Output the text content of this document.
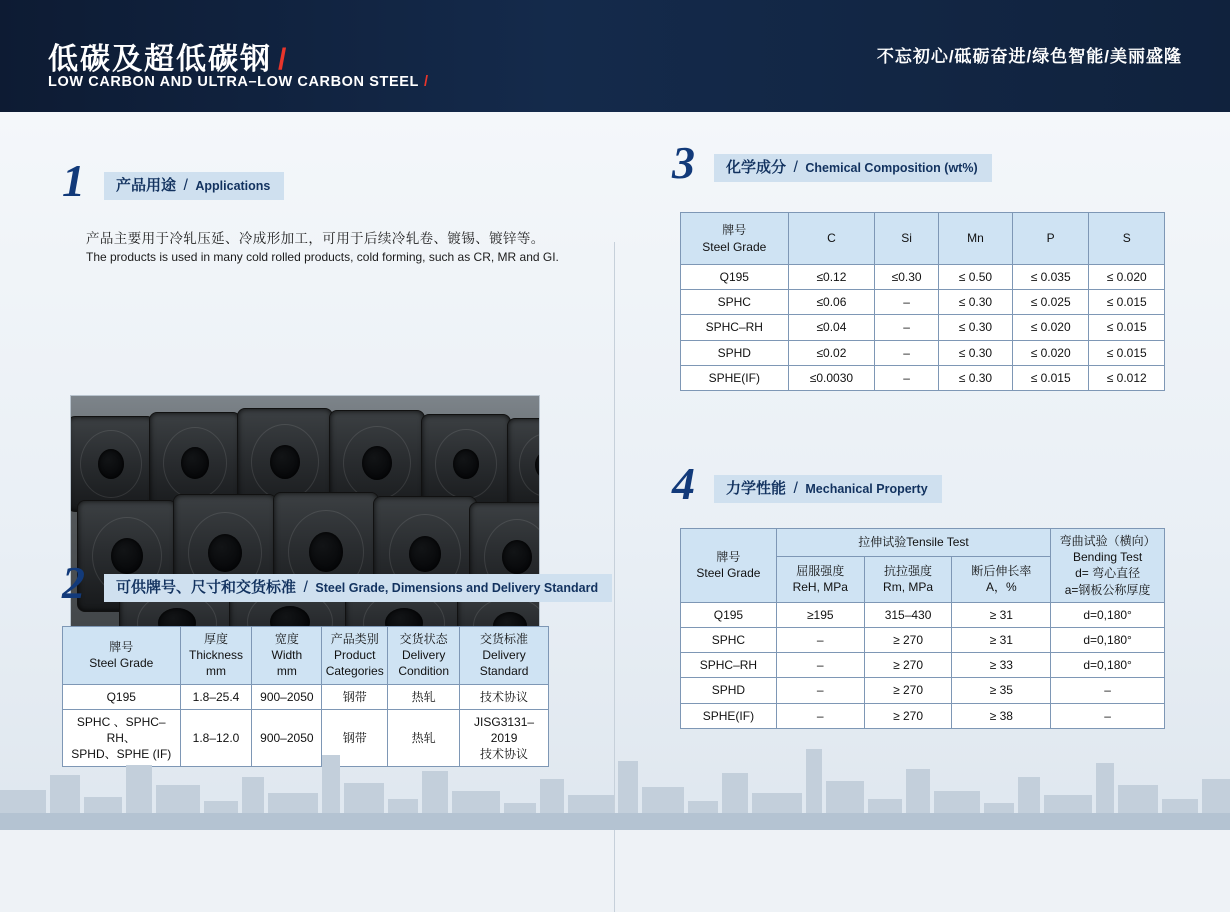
低碳及超低碳钢 /
LOW CARBON AND ULTRA–LOW CARBON STEEL /
不忘初心/砥砺奋进/绿色智能/美丽盛隆
1	产品用途 / Applications
产品主要用于冷轧压延、冷成形加工，可用于后续冷轧卷、镀锡、镀锌等。
The products is used in many cold rolled products, cold forming, such as CR, MR and GI.
2	可供牌号、尺寸和交货标准 / Steel Grade, Dimensions and Delivery Standard
牌号
Steel Grade	厚度
Thickness
mm	宽度
Width
mm	产品类别
Product
Categories	交货状态
Delivery
Condition	交货标准
Delivery
Standard

Q195	1.8–25.4	900–2050	钢带	热轧	技术协议

SPHC 、SPHC–RH、
SPHD、SPHE (IF)	1.8–12.0	900–2050	钢带	热轧	JISG3131–2019
技术协议
3	化学成分 / Chemical Composition (wt%)
牌号
Steel Grade	C	Si	Mn	P	S
Q195	≤0.12	≤0.30	≤ 0.50	≤ 0.035	≤ 0.020
SPHC	≤0.06	–	≤ 0.30	≤ 0.025	≤ 0.015
SPHC–RH	≤0.04	–	≤ 0.30	≤ 0.020	≤ 0.015
SPHD	≤0.02	–	≤ 0.30	≤ 0.020	≤ 0.015
SPHE(IF)	≤0.0030	–	≤ 0.30	≤ 0.015	≤ 0.012
4	力学性能 / Mechanical Property
牌号
Steel Grade	拉伸试验Tensile Test			弯曲试验（横向）
Bending Test
d= 弯心直径
a=钢板公称厚度

	屈服强度
ReH, MPa	抗拉强度
Rm, MPa	断后伸长率
A，%	

Q195	≥195	315–430	≥ 31	d=0,180°
SPHC	–	≥ 270	≥ 31	d=0,180°
SPHC–RH	–	≥ 270	≥ 33	d=0,180°
SPHD	–	≥ 270	≥ 35	–
SPHE(IF)	–	≥ 270	≥ 38	–
